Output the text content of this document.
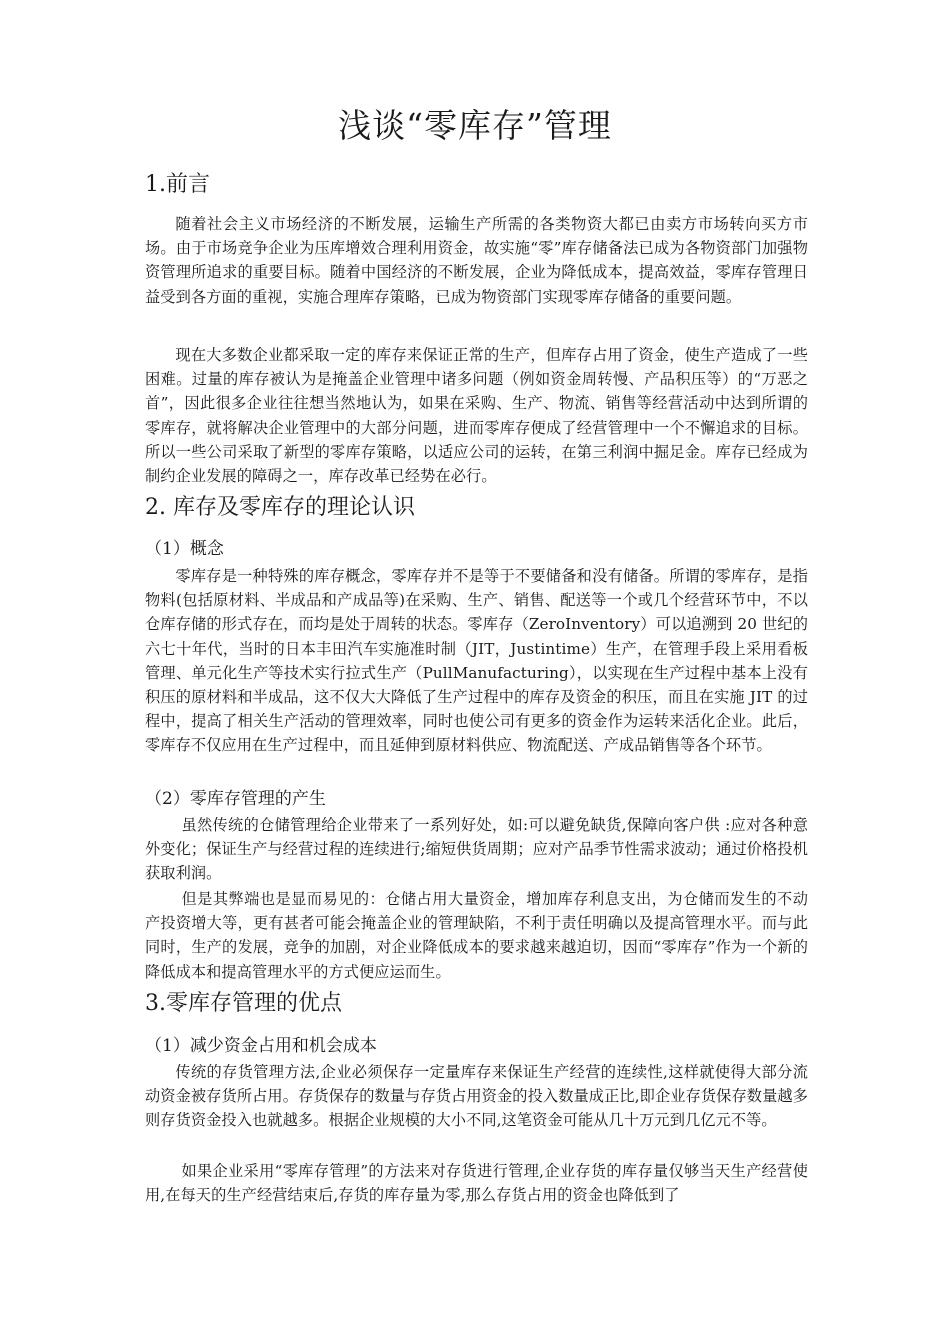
浅谈“零库存”管理
1.前言

随着社会主义市场经济的不断发展，运输生产所需的各类物资大都已由卖方市场转向买方市场。由于市场竞争企业为压库增效合理利用资金，故实施“零”库存储备法已成为各物资部门加强物资管理所追求的重要目标。随着中国经济的不断发展，企业为降低成本，提高效益，零库存管理日益受到各方面的重视，实施合理库存策略，已成为物资部门实现零库存储备的重要问题。

现在大多数企业都采取一定的库存来保证正常的生产，但库存占用了资金，使生产造成了一些困难。过量的库存被认为是掩盖企业管理中诸多问题（例如资金周转慢、产品积压等）的“万恶之首”，因此很多企业往往想当然地认为，如果在采购、生产、物流、销售等经营活动中达到所谓的零库存，就将解决企业管理中的大部分问题，进而零库存便成了经营管理中一个不懈追求的目标。所以一些公司采取了新型的零库存策略，以适应公司的运转，在第三利润中掘足金。库存已经成为制约企业发展的障碍之一，库存改革已经势在必行。

2. 库存及零库存的理论认识
（1）概念

零库存是一种特殊的库存概念，零库存并不是等于不要储备和没有储备。所谓的零库存，是指物料(包括原材料、半成品和产成品等)在采购、生产、销售、配送等一个或几个经营环节中，不以仓库存储的形式存在，而均是处于周转的状态。零库存（ZeroInventory）可以追溯到 20 世纪的六七十年代，当时的日本丰田汽车实施准时制（JIT，Justintime）生产，在管理手段上采用看板管理、单元化生产等技术实行拉式生产（PullManufacturing），以实现在生产过程中基本上没有积压的原材料和半成品，这不仅大大降低了生产过程中的库存及资金的积压，而且在实施 JIT 的过程中，提高了相关生产活动的管理效率，同时也使公司有更多的资金作为运转来活化企业。此后，零库存不仅应用在生产过程中，而且延伸到原材料供应、物流配送、产成品销售等各个环节。

（2）零库存管理的产生

虽然传统的仓储管理给企业带来了一系列好处，如:可以避免缺货,保障向客户供 :应对各种意外变化；保证生产与经营过程的连续进行;缩短供货周期；应对产品季节性需求波动；通过价格投机获取利润。

但是其弊端也是显而易见的：仓储占用大量资金，增加库存利息支出，为仓储而发生的不动产投资增大等，更有甚者可能会掩盖企业的管理缺陷，不利于责任明确以及提高管理水平。而与此同时，生产的发展，竞争的加剧，对企业降低成本的要求越来越迫切，因而“零库存”作为一个新的降低成本和提高管理水平的方式便应运而生。

3.零库存管理的优点
（1）减少资金占用和机会成本

传统的存货管理方法,企业必须保存一定量库存来保证生产经营的连续性,这样就使得大部分流动资金被存货所占用。存货保存的数量与存货占用资金的投入数量成正比,即企业存货保存数量越多则存货资金投入也就越多。根据企业规模的大小不同,这笔资金可能从几十万元到几亿元不等。

如果企业采用“零库存管理”的方法来对存货进行管理,企业存货的库存量仅够当天生产经营使用,在每天的生产经营结束后,存货的库存量为零,那么存货占用的资金也降低到了
